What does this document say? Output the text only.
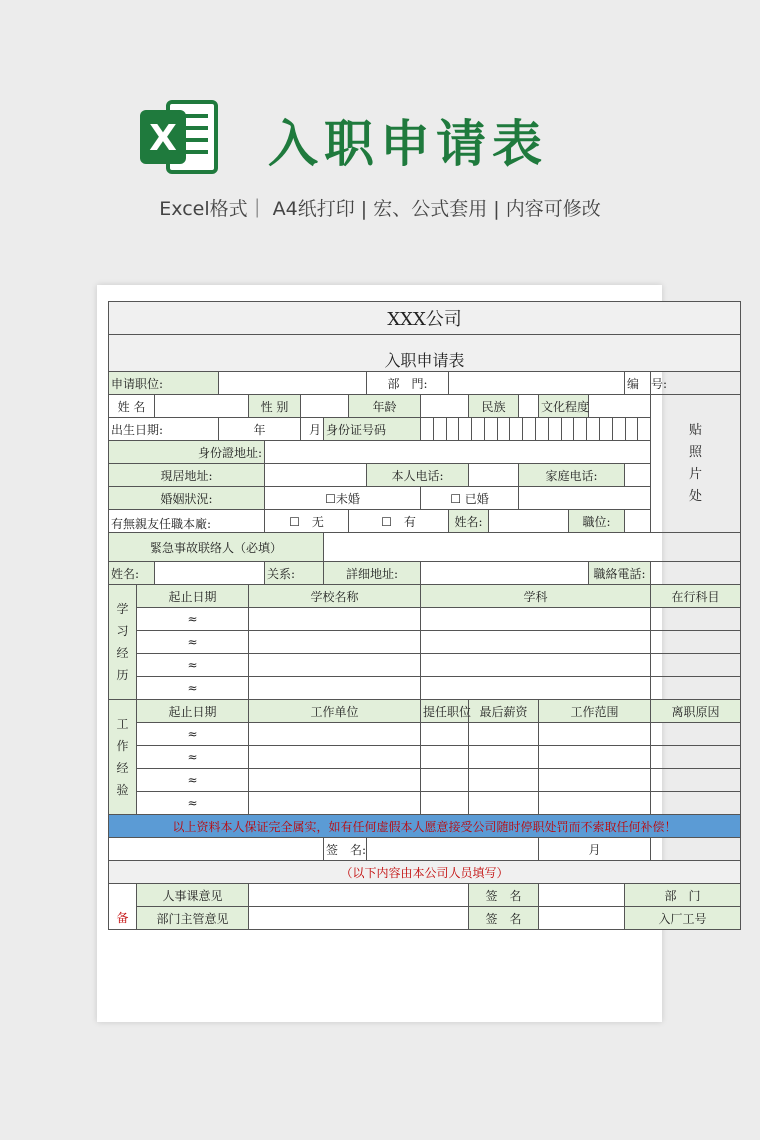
X 入职申请表
Excel格式｜ A4纸打印 | 宏、公式套用 | 内容可修改
XXX公司																				
入职申请表																				
申请职位:									部　門:									编　号:		
姓 名				性 别				年龄				民族			文化程度				贴照片处	
出生日期:			年			月	身份证号码													

身份證地址:																				
現居地址:									本人电话:					家庭电话:						
婚姻狀況:					☐未婚					☐ 已婚										
有無親友任職本廠:					☐　无			☐　有			姓名:					職位:				
緊急事故联络人（必填）																				
姓名:					关系:		詳细地址:										職絡電話:			
学习经历	起止日期			学校名称						学科									在行科目
	≈																			
	≈																			
	≈																			
	≈																			
工作经验	起止日期			工作单位						提任职位		最后薪资			工作范围				离职原因	
	≈																			
	≈																			
	≈																			
	≈																			
以上资料本人保证完全属实，如有任何虚假本人愿意接受公司随时停职处罚而不索取任何补偿！																				
							签　名:								月					
（以下内容由本公司人员填写）																				
备	人事课意见											签　名						部　门		
	部门主管意见											签　名						入厂工号		
